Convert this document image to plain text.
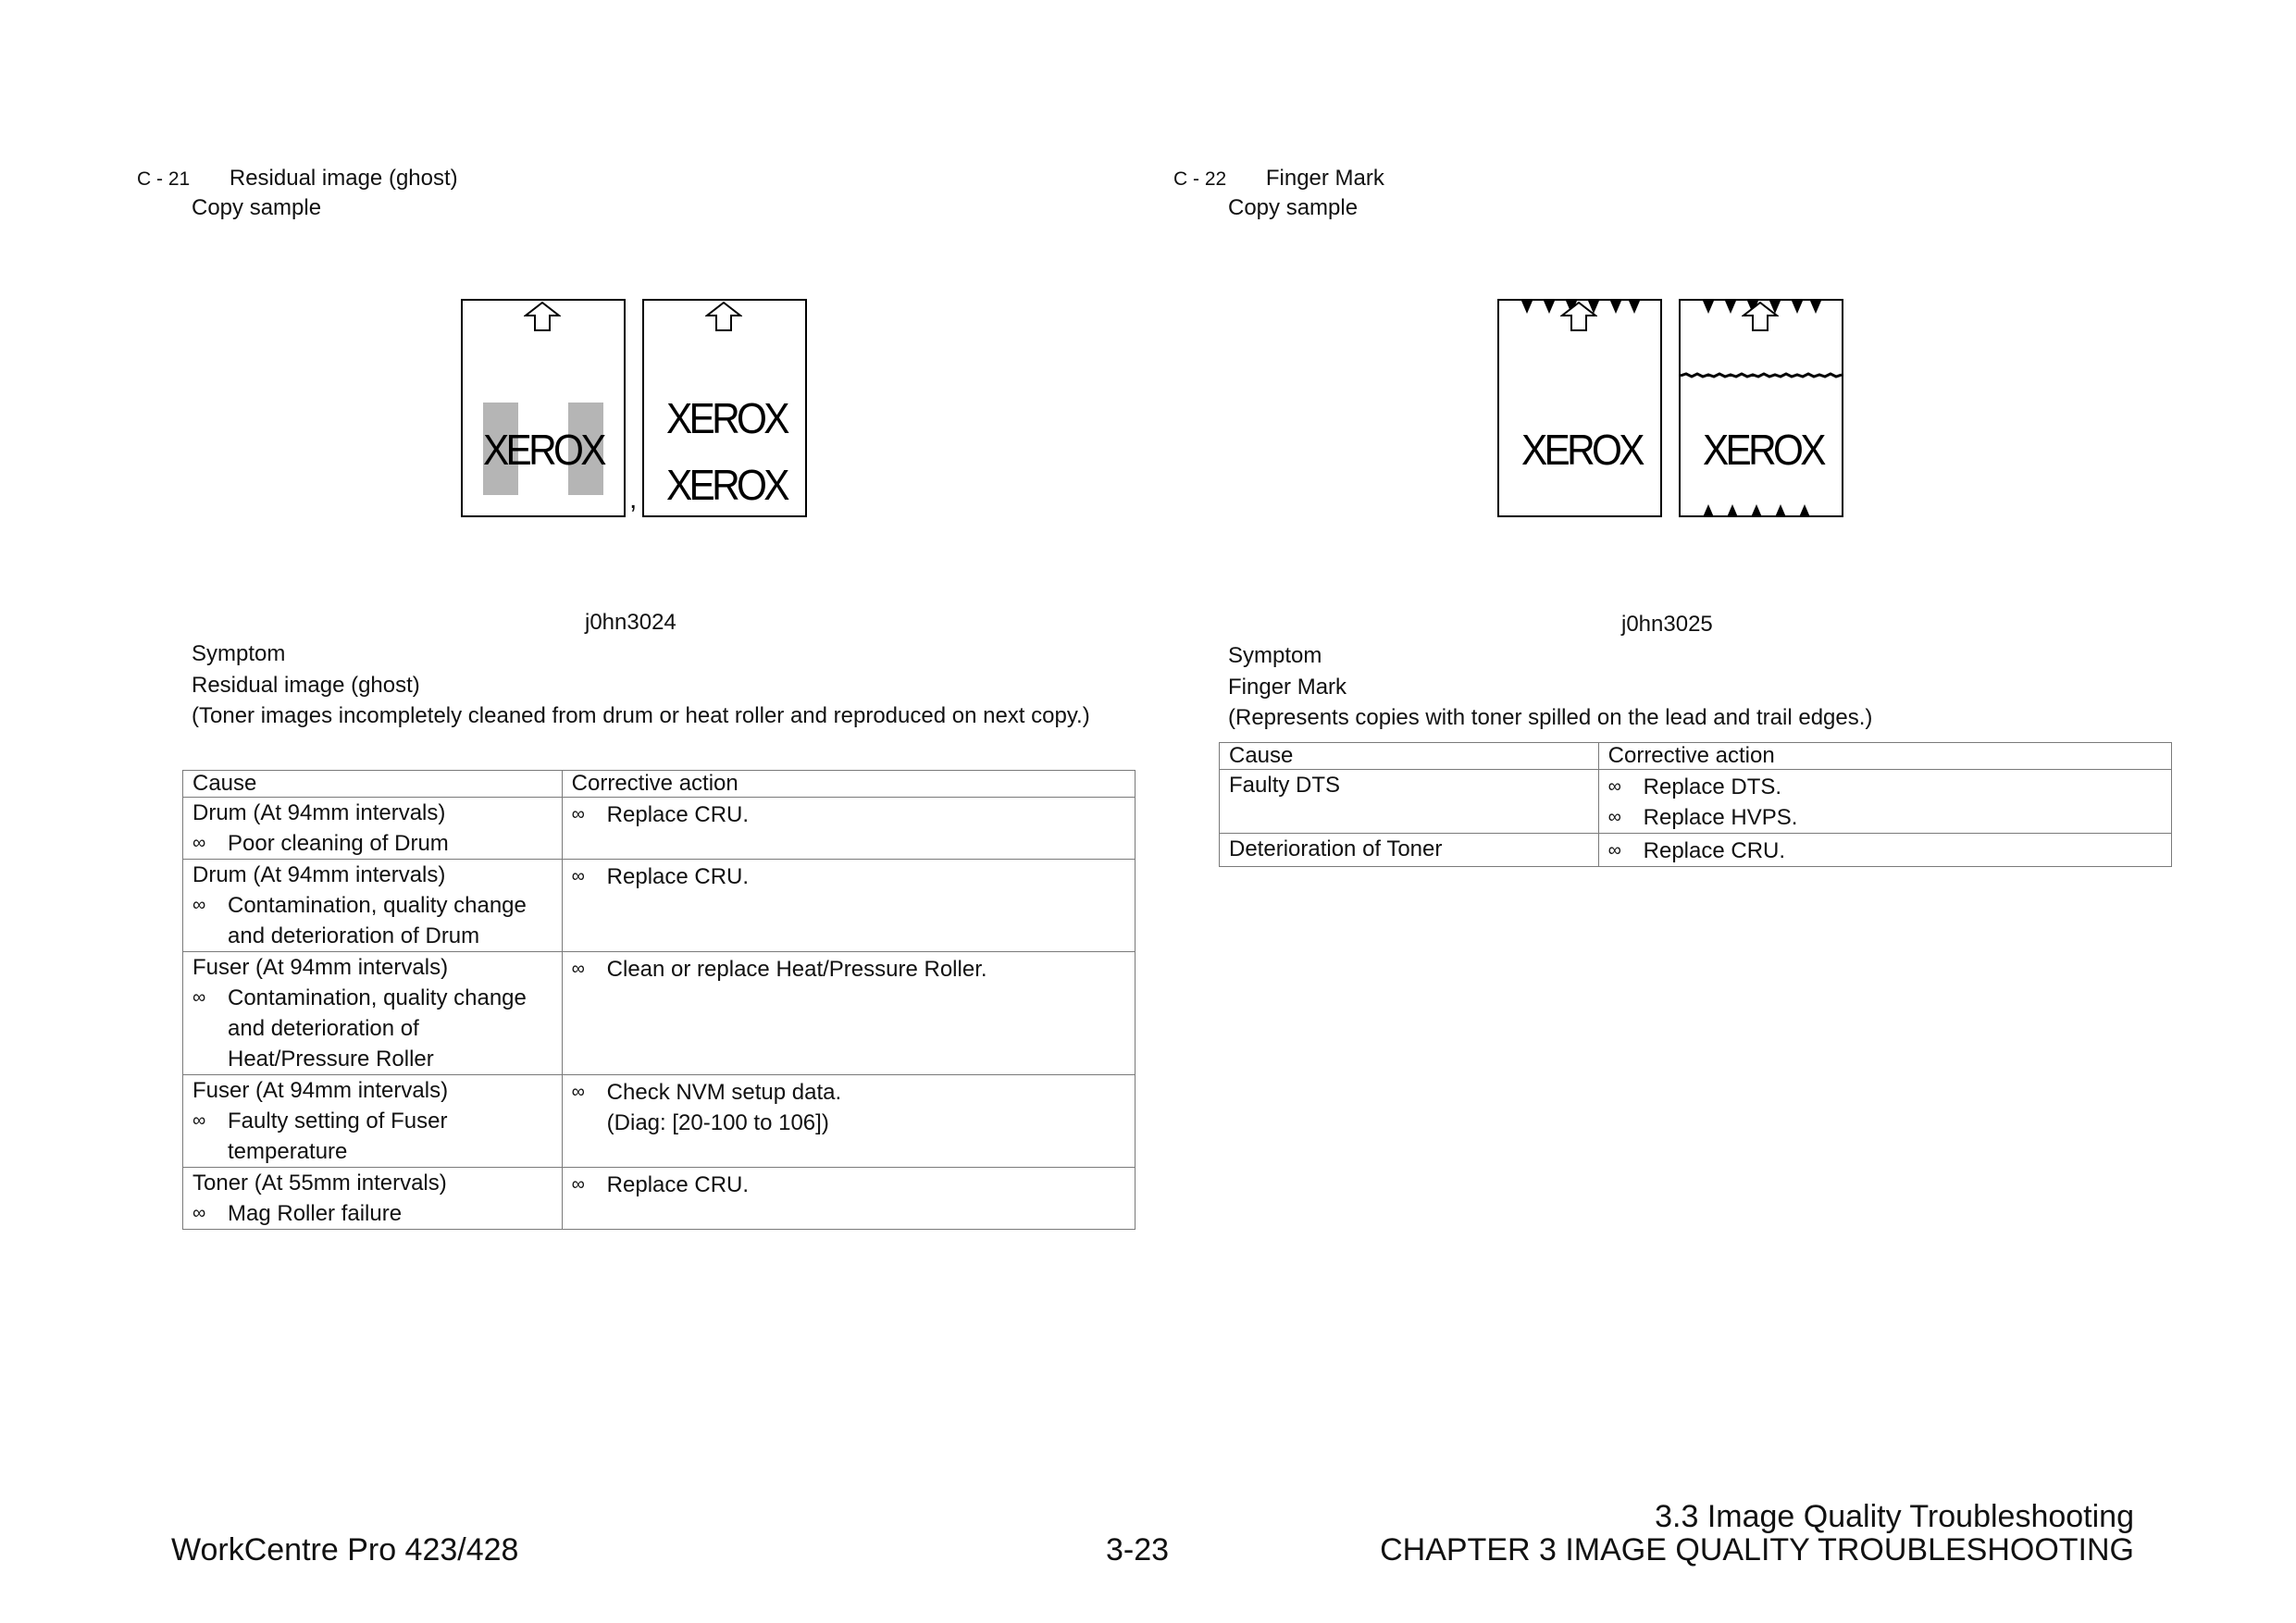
C - 21 Residual image (ghost)
Copy sample
XEROX
,
XEROX
XEROX
j0hn3024
Symptom
Residual image (ghost)
(Toner images incompletely cleaned from drum or heat roller and reproduced on next copy.)
Cause	Corrective action

Drum (At 94mm intervals)
∞ Poor cleaning of Drum	∞ Replace CRU.

Drum (At 94mm intervals)
∞ Contamination, quality change
and deterioration of Drum	∞ Replace CRU.

Fuser (At 94mm intervals)
∞ Contamination, quality change
and deterioration of
Heat/Pressure Roller	∞ Clean or replace Heat/Pressure Roller.

Fuser (At 94mm intervals)
∞ Faulty setting of Fuser
temperature	∞ Check NVM setup data.
(Diag: [20-100 to 106])

Toner (At 55mm intervals)
∞ Mag Roller failure	∞ Replace CRU.
C - 22 Finger Mark
Copy sample
XEROX XEROX
j0hn3025
Symptom
Finger Mark
(Represents copies with toner spilled on the lead and trail edges.)
Cause	Corrective action
Faulty DTS	∞ Replace DTS.
∞ Replace HVPS.

Deterioration of Toner	∞ Replace CRU.
3.3 Image Quality Troubleshooting
WorkCentre Pro 423/428	3-23	CHAPTER 3 IMAGE QUALITY TROUBLESHOOTING
